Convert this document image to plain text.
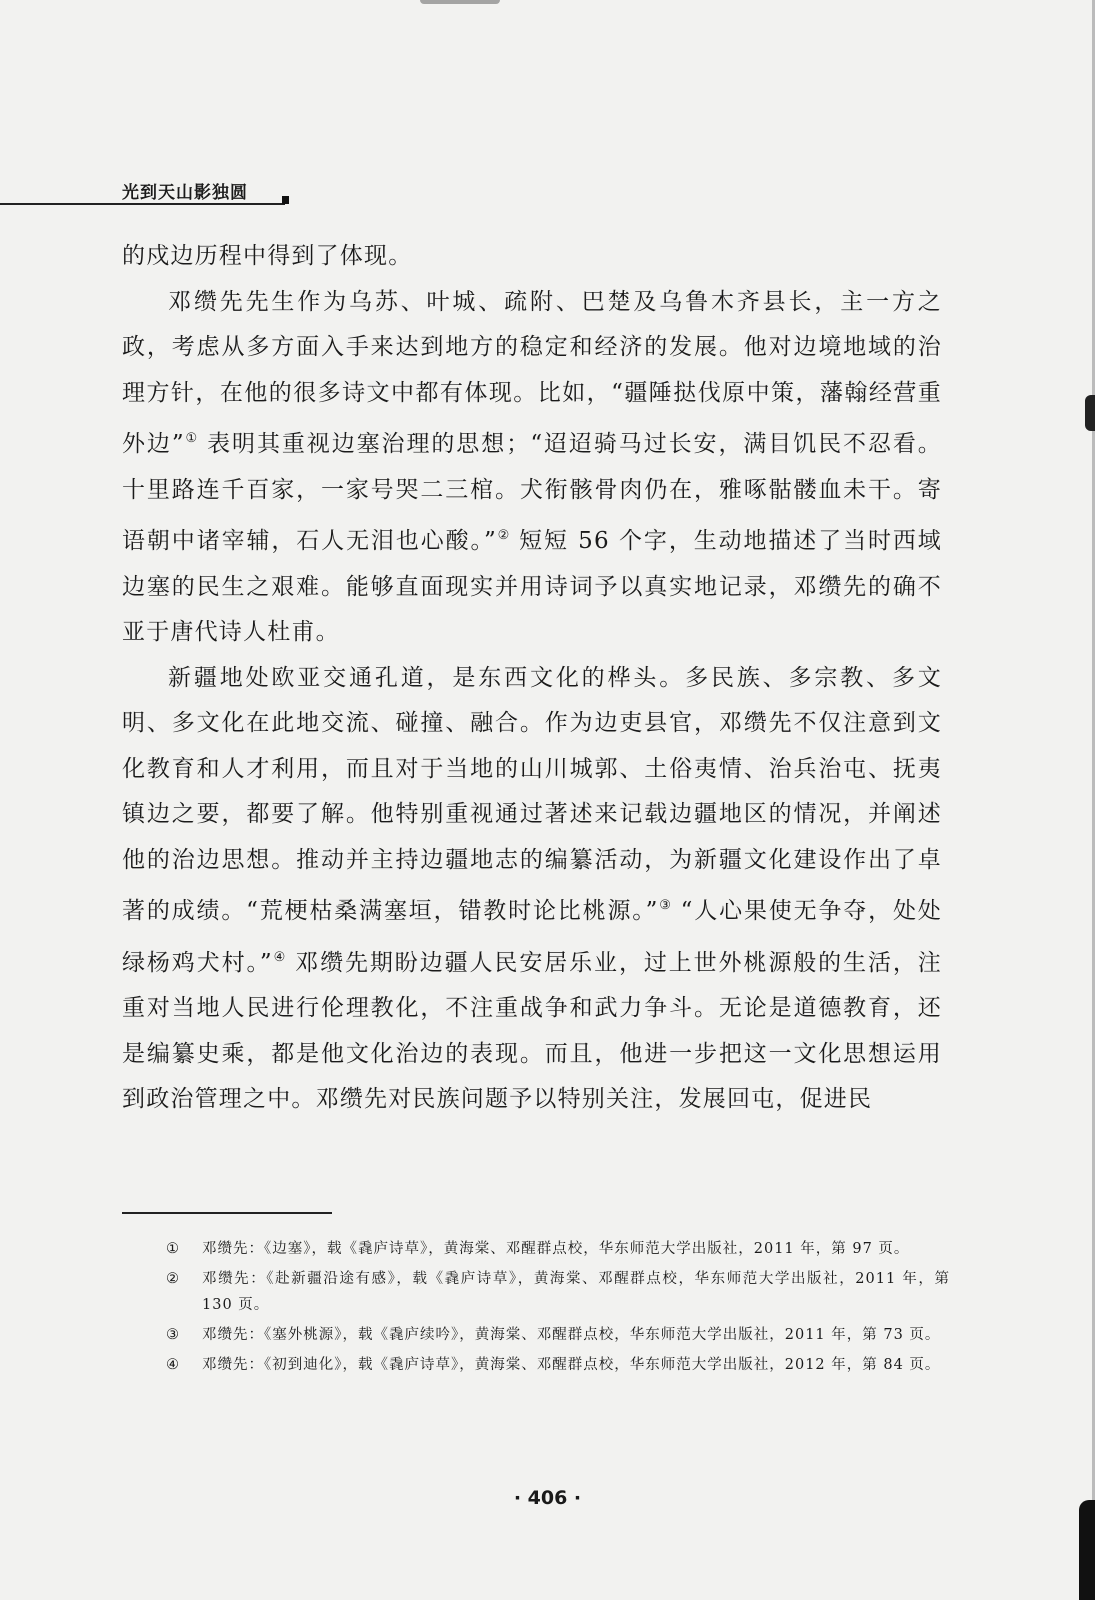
光到天山影独圆

的戍边历程中得到了体现。

邓缵先先生作为乌苏、叶城、疏附、巴楚及乌鲁木齐县长，主一方之政，考虑从多方面入手来达到地方的稳定和经济的发展。他对边境地域的治理方针，在他的很多诗文中都有体现。比如，“疆陲挞伐原中策，藩翰经营重外边”① 表明其重视边塞治理的思想；“迢迢骑马过长安，满目饥民不忍看。十里路连千百家，一家号哭二三棺。犬衔骸骨肉仍在，雅啄骷髅血未干。寄语朝中诸宰辅，石人无泪也心酸。”② 短短 56 个字，生动地描述了当时西域边塞的民生之艰难。能够直面现实并用诗词予以真实地记录，邓缵先的确不亚于唐代诗人杜甫。

新疆地处欧亚交通孔道，是东西文化的桦头。多民族、多宗教、多文明、多文化在此地交流、碰撞、融合。作为边吏县官，邓缵先不仅注意到文化教育和人才利用，而且对于当地的山川城郭、土俗夷情、治兵治屯、抚夷镇边之要，都要了解。他特别重视通过著述来记载边疆地区的情况，并阐述他的治边思想。推动并主持边疆地志的编纂活动，为新疆文化建设作出了卓著的成绩。“荒梗枯桑满塞垣，错教时论比桃源。”③ “人心果使无争夺，处处绿杨鸡犬村。”④ 邓缵先期盼边疆人民安居乐业，过上世外桃源般的生活，注重对当地人民进行伦理教化，不注重战争和武力争斗。无论是道德教育，还是编纂史乘，都是他文化治边的表现。而且，他进一步把这一文化思想运用到政治管理之中。邓缵先对民族问题予以特别关注，发展回屯，促进民

① 邓缵先：《边塞》，载《毳庐诗草》，黄海棠、邓醒群点校，华东师范大学出版社，2011 年，第 97 页。
② 邓缵先：《赴新疆沿途有感》，载《毳庐诗草》，黄海棠、邓醒群点校，华东师范大学出版社，2011 年，第 130 页。
③ 邓缵先：《塞外桃源》，载《毳庐续吟》，黄海棠、邓醒群点校，华东师范大学出版社，2011 年，第 73 页。
④ 邓缵先：《初到迪化》，载《毳庐诗草》，黄海棠、邓醒群点校，华东师范大学出版社，2012 年，第 84 页。
· 406 ·
